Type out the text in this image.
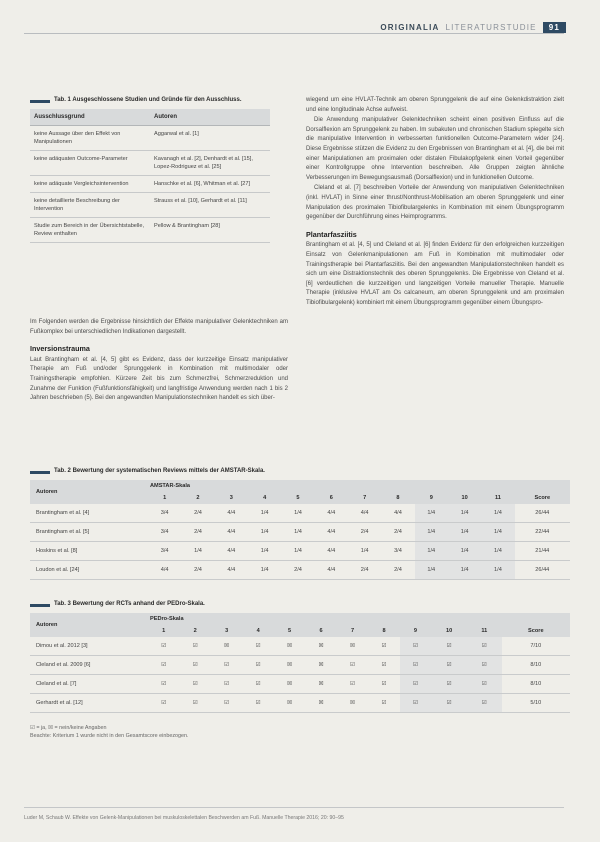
ORIGINALIA LITERATURSTUDIE	91
Tab. 1 Ausgeschlossene Studien und Gründe für den Ausschluss.
Ausschlussgrund	Autoren
keine Aussage über den Effekt von Manipulationen	Aggarwal et al. [1]
keine adäquaten Outcome-Parameter	Kavanagh et al. [2], Denhardt et al. [15], Lopez-Rodriguez et al. [25]
keine adäquate Vergleichsintervention	Hanschke et al. [6], Whitman et al. [27]
keine detaillierte Beschreibung der Intervention	Strauss et al. [10], Gerhardt et al. [11]
Studie zum Bereich in der Übersichtstabelle, Review enthalten	Pellow & Brantingham [28]

Im Folgenden werden die Ergebnisse hinsichtlich der Effekte manipulativer Gelenktechniken am Fußkomplex bei unterschiedlichen Indikationen dargestellt.

Inversionstrauma

Laut Brantingham et al. [4, 5] gibt es Evidenz, dass der kurzzeitige Einsatz manipulativer Therapie am Fuß und/oder Sprunggelenk in Kombination mit multimodaler oder Trainingstherapie empfohlen. Kürzere Zeit bis zum Schmerzfrei, Schmerzreduktion und Zunahme der Funktion (Fußfunktionsfähigkeit) und langfristige Anwendung werden nach 1 bis 2 Jahren beschrieben (5). Bei den angewandten Manipulationstechniken handelt es sich über-

wiegend um eine HVLAT-Technik am oberen Sprunggelenk die auf eine Gelenkdistraktion zielt und eine longitudinale Achse aufweist.

Die Anwendung manipulativer Gelenktechniken scheint einen positiven Einfluss auf die Dorsalflexion am Sprunggelenk zu haben. Im subakuten und chronischen Stadium spiegelte sich die manipulative Intervention in verbesserten funktionellen Outcome-Parametern wider [24]. Diese Ergebnisse stützen die Evidenz zu den Ergebnissen von Brantingham et al. [4], die bei mit einer Manipulationen am proximalen oder distalen Fibulakopfgelenk einen Vorteil gegenüber einer Kontrollgruppe ohne Intervention beschreiben. Alle Gruppen zeigten ähnliche Verbesserungen im Bewegungsausmaß (Dorsalflexion) und in funktionellen Outcome.

Cleland et al. [7] beschreiben Vorteile der Anwendung von manipulativen Gelenktechniken (inkl. HVLAT) in Sinne einer thrust/Nonthrust-Mobilisation am oberen Sprunggelenk und einer Manipulation des proximalen Tibiofibulargelenks in Kombination mit einem Übungsprogramm gegenüber der Durchführung eines Heimprogramms.

Plantarfasziitis

Brantingham et al. [4, 5] und Cleland et al. [6] finden Evidenz für den erfolgreichen kurzzeitigen Einsatz von Gelenkmanipulationen am Fuß in Kombination mit multimodaler oder Trainingstherapie bei Plantarfasziitis. Bei den angewandten Manipulationstechniken handelt es sich um eine Distraktionstechnik des oberen Sprunggelenks. Die Ergebnisse von Cleland et al. [6] verdeutlichen die kurzzeitigen und langzeitigen Vorteile manueller Therapie. Manuelle Therapie (inklusive HVLAT am Os calcaneum, am oberen Sprunggelenk und am proximalen Tibiofibulargelenk) kombiniert mit einem Übungsprogramm gegenüber einem Übungspro-

Tab. 2 Bewertung der systematischen Reviews mittels der AMSTAR-Skala.
Autoren	AMSTAR-Skala											
	1	2	3	4	5	6	7	8	9	10	11	Score
Brantingham et al. [4]	3/4	2/4	4/4	1/4	1/4	4/4	4/4	4/4	1/4	1/4	1/4	26/44
Brantingham et al. [5]	3/4	2/4	4/4	1/4	1/4	4/4	2/4	2/4	1/4	1/4	1/4	22/44
Hoskins et al. [8]	3/4	1/4	4/4	1/4	1/4	4/4	1/4	3/4	1/4	1/4	1/4	21/44
Loudon et al. [24]	4/4	2/4	4/4	1/4	2/4	4/4	2/4	2/4	1/4	1/4	1/4	26/44
Tab. 3 Bewertung der RCTs anhand der PEDro-Skala.
Autoren	PEDro-Skala											
	1	2	3	4	5	6	7	8	9	10	11	Score
Dimou et al. 2012 [3]	☑	☑	☒	☑	☒	☒	☒	☑	☑	☑	☑	7/10
Cleland et al. 2009 [6]	☑	☑	☑	☑	☒	☒	☑	☑	☑	☑	☑	8/10
Cleland et al. [7]	☑	☑	☑	☑	☒	☒	☑	☑	☑	☑	☑	8/10
Gerhardt et al. [12]	☑	☑	☑	☑	☒	☒	☒	☑	☑	☑	☑	5/10
☑ = ja, ☒ = nein/keine Angaben
Beachte: Kriterium 1 wurde nicht in den Gesamtscore einbezogen.
Luder M, Schaub W. Effekte von Gelenk-Manipulationen bei muskuloskelettalen Beschwerden am Fuß. Manuelle Therapie 2016; 20: 90–95
